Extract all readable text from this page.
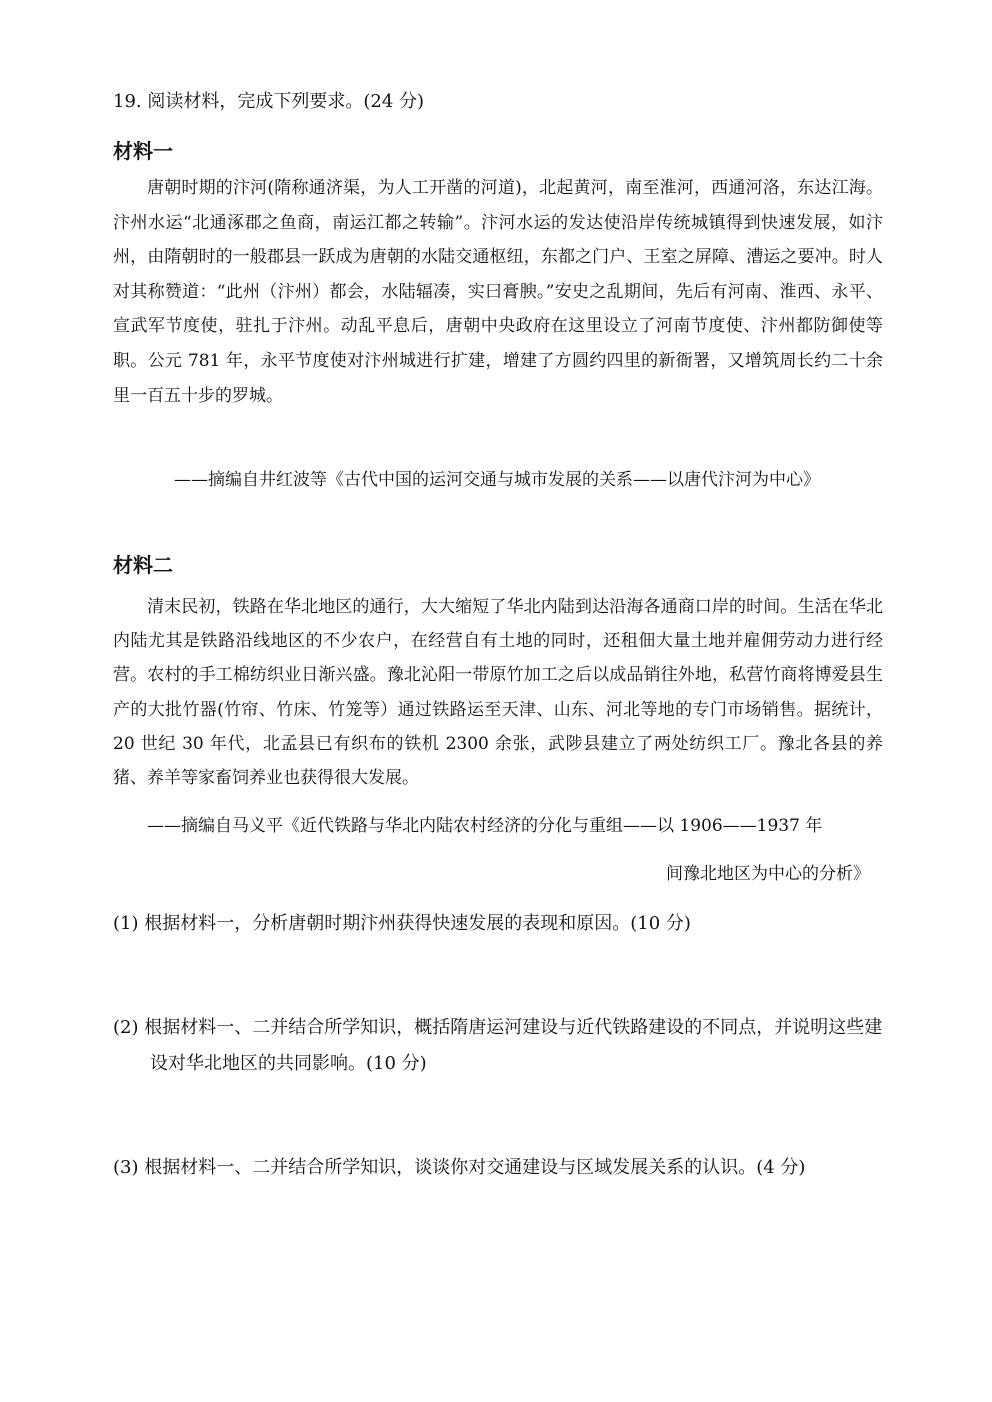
19. 阅读材料，完成下列要求。(24 分)
材料一
唐朝时期的汴河(隋称通济渠，为人工开凿的河道)，北起黄河，南至淮河，西通河洛，东达江海。汴州水运“北通涿郡之鱼商，南运江都之转输”。汴河水运的发达使沿岸传统城镇得到快速发展，如汴州，由隋朝时的一般郡县一跃成为唐朝的水陆交通枢纽，东都之门户、王室之屏障、漕运之要冲。时人对其称赞道：“此州（汴州）都会，水陆辐凑，实曰膏腴。”安史之乱期间，先后有河南、淮西、永平、宣武军节度使，驻扎于汴州。动乱平息后，唐朝中央政府在这里设立了河南节度使、汴州都防御使等职。公元 781 年，永平节度使对汴州城进行扩建，增建了方圆约四里的新衙署，又增筑周长约二十余里一百五十步的罗城。
——摘编自井红波等《古代中国的运河交通与城市发展的关系——以唐代汴河为中心》
材料二
清末民初，铁路在华北地区的通行，大大缩短了华北内陆到达沿海各通商口岸的时间。生活在华北内陆尤其是铁路沿线地区的不少农户，在经营自有土地的同时，还租佃大量土地并雇佣劳动力进行经营。农村的手工棉纺织业日渐兴盛。豫北沁阳一带原竹加工之后以成品销往外地，私营竹商将博爱县生产的大批竹器(竹帘、竹床、竹笼等）通过铁路运至天津、山东、河北等地的专门市场销售。据统计，20 世纪 30 年代，北孟县已有织布的铁机 2300 余张，武陟县建立了两处纺织工厂。豫北各县的养猪、养羊等家畜饲养业也获得很大发展。
——摘编自马义平《近代铁路与华北内陆农村经济的分化与重组——以 1906——1937 年
间豫北地区为中心的分析》
(1) 根据材料一，分析唐朝时期汴州获得快速发展的表现和原因。(10 分)
(2) 根据材料一、二并结合所学知识，概括隋唐运河建设与近代铁路建设的不同点，并说明这些建设对华北地区的共同影响。(10 分)
(3) 根据材料一、二并结合所学知识，谈谈你对交通建设与区域发展关系的认识。(4 分)
